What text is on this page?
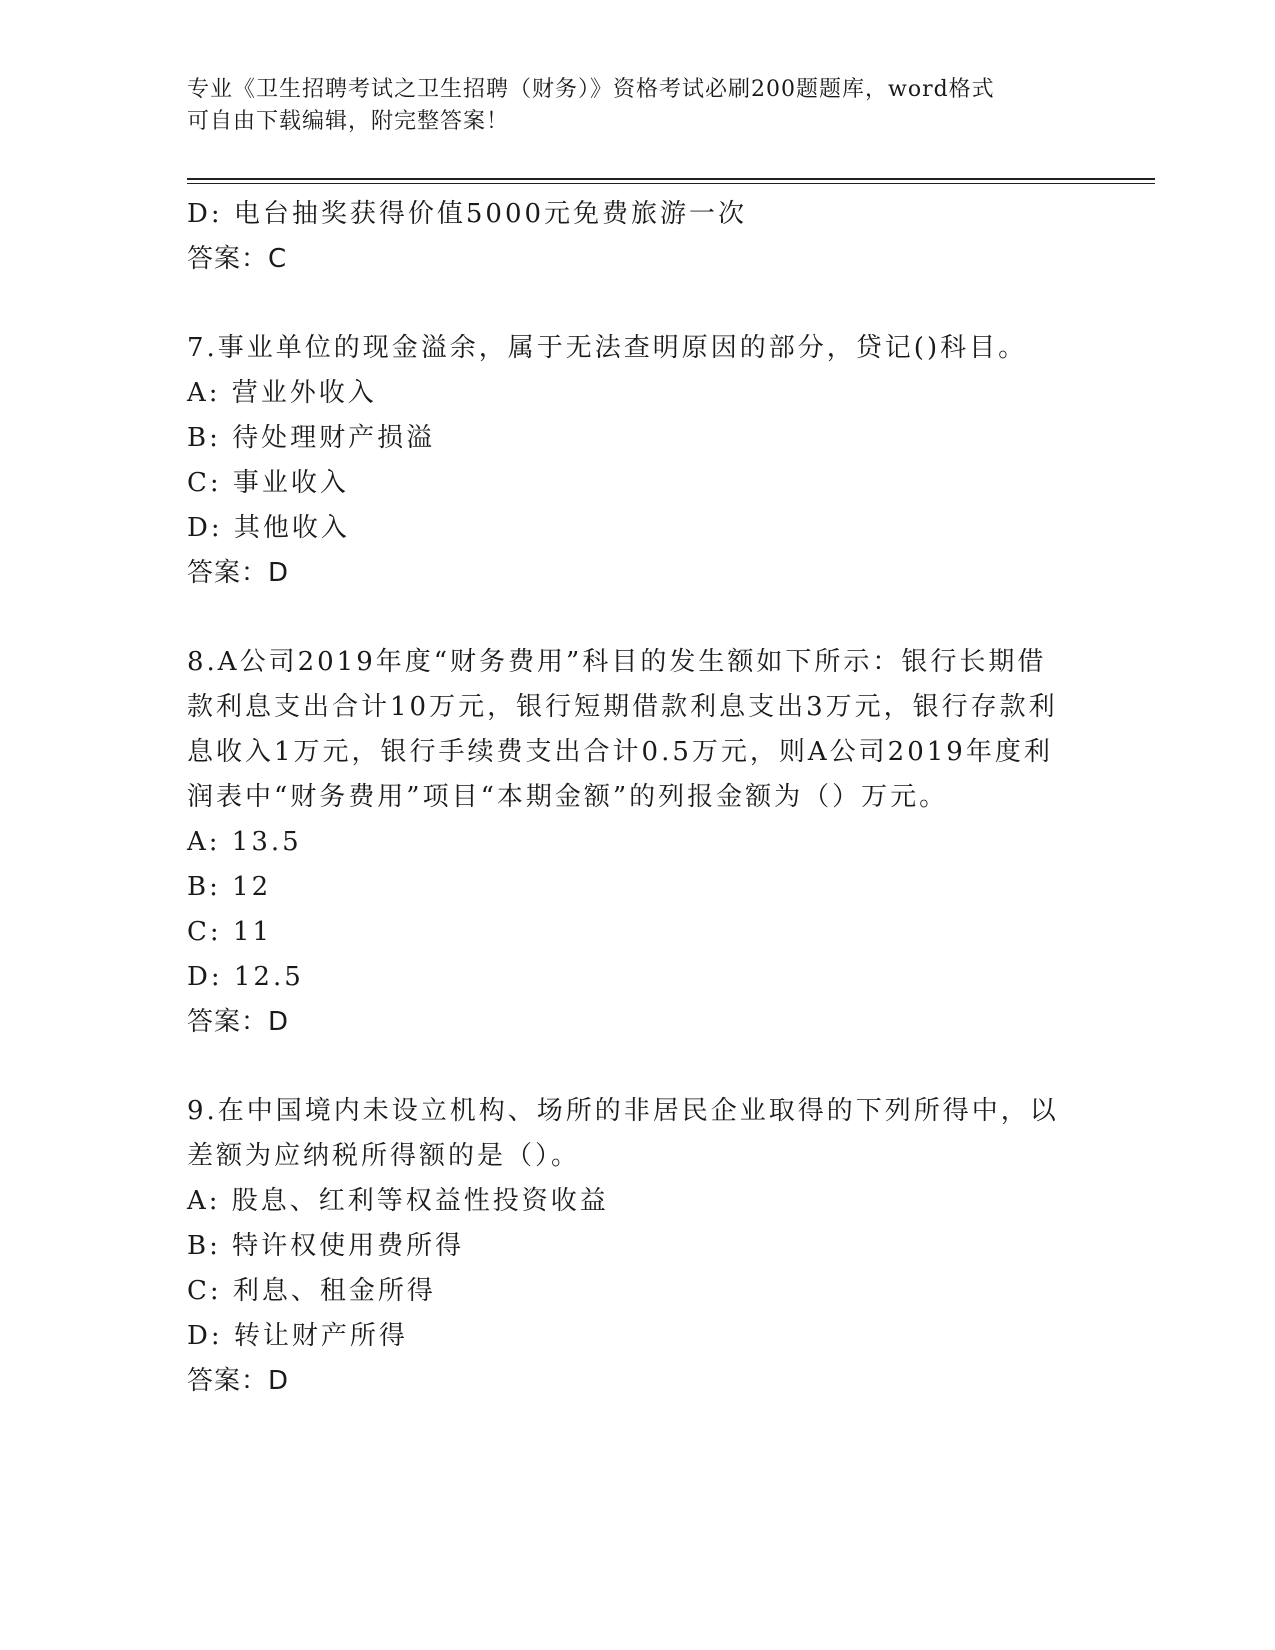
专业《卫生招聘考试之卫生招聘（财务）》资格考试必刷200题题库，word格式
可自由下载编辑，附完整答案！
D: 电台抽奖获得价值5000元免费旅游一次
答案：C
7.事业单位的现金溢余，属于无法查明原因的部分，贷记()科目。
A: 营业外收入
B: 待处理财产损溢
C: 事业收入
D: 其他收入
答案：D
8.A公司2019年度“财务费用”科目的发生额如下所示：银行长期借
款利息支出合计10万元，银行短期借款利息支出3万元，银行存款利
息收入1万元，银行手续费支出合计0.5万元，则A公司2019年度利
润表中“财务费用”项目“本期金额”的列报金额为（）万元。
A: 13.5
B: 12
C: 11
D: 12.5
答案：D
9.在中国境内未设立机构、场所的非居民企业取得的下列所得中，以
差额为应纳税所得额的是（）。
A: 股息、红利等权益性投资收益
B: 特许权使用费所得
C: 利息、租金所得
D: 转让财产所得
答案：D
